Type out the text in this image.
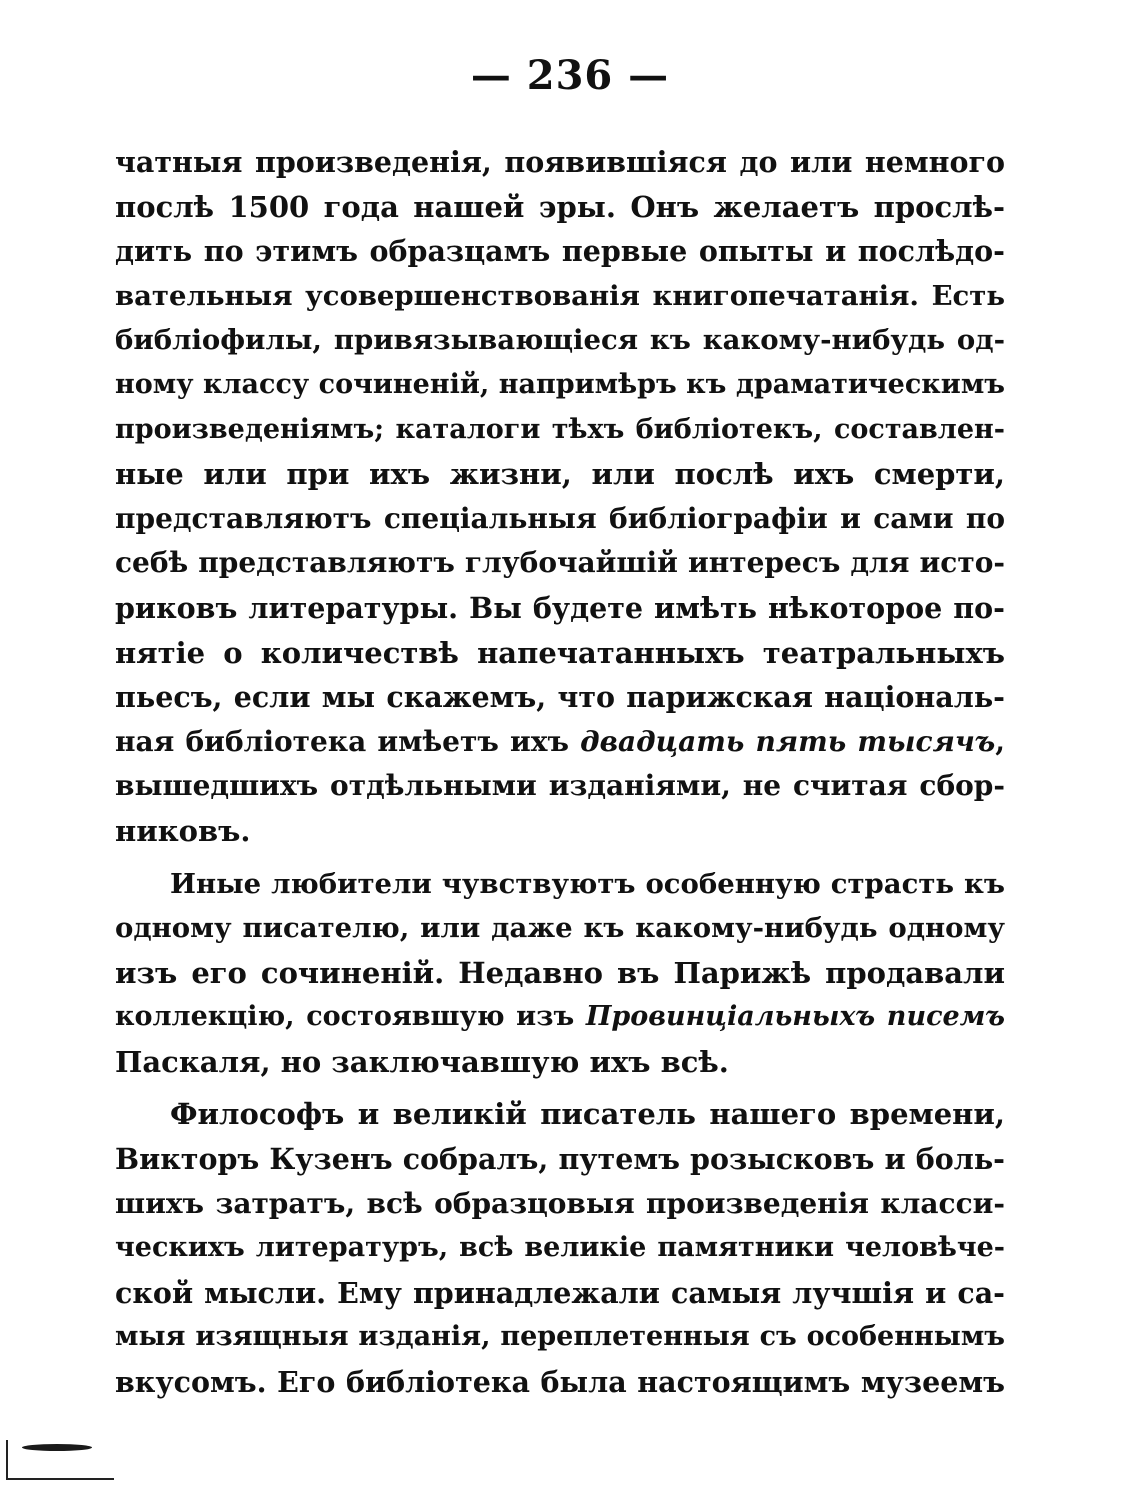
— 236 —
чатныя произведенія, появившіяся до или немного
послѣ 1500 года нашей эры. Онъ желаетъ прослѣ-
дить по этимъ образцамъ первые опыты и послѣдо-
вательныя усовершенствованія книгопечатанія. Есть
библіофилы, привязывающіеся къ какому-нибудь од-
ному классу сочиненій, напримѣръ къ драматическимъ
произведеніямъ; каталоги тѣхъ библіотекъ, составлен-
ные или при ихъ жизни, или послѣ ихъ смерти,
представляютъ спеціальныя библіографіи и сами по
себѣ представляютъ глубочайшій интересъ для исто-
риковъ литературы. Вы будете имѣть нѣкоторое по-
нятіе о количествѣ напечатанныхъ театральныхъ
пьесъ, если мы скажемъ, что парижская національ-
ная библіотека имѣетъ ихъ двадцать пять тысячъ,
вышедшихъ отдѣльными изданіями, не считая сбор-
никовъ.
Иные любители чувствуютъ особенную страсть къ
одному писателю, или даже къ какому-нибудь одному
изъ его сочиненій. Недавно въ Парижѣ продавали
коллекцію, состоявшую изъ Провинціальныхъ писемъ
Паскаля, но заключавшую ихъ всѣ.
Философъ и великій писатель нашего времени,
Викторъ Кузенъ собралъ, путемъ розысковъ и боль-
шихъ затратъ, всѣ образцовыя произведенія класси-
ческихъ литературъ, всѣ великіе памятники человѣче-
ской мысли. Ему принадлежали самыя лучшія и са-
мыя изящныя изданія, переплетенныя съ особеннымъ
вкусомъ. Его библіотека была настоящимъ музеемъ
